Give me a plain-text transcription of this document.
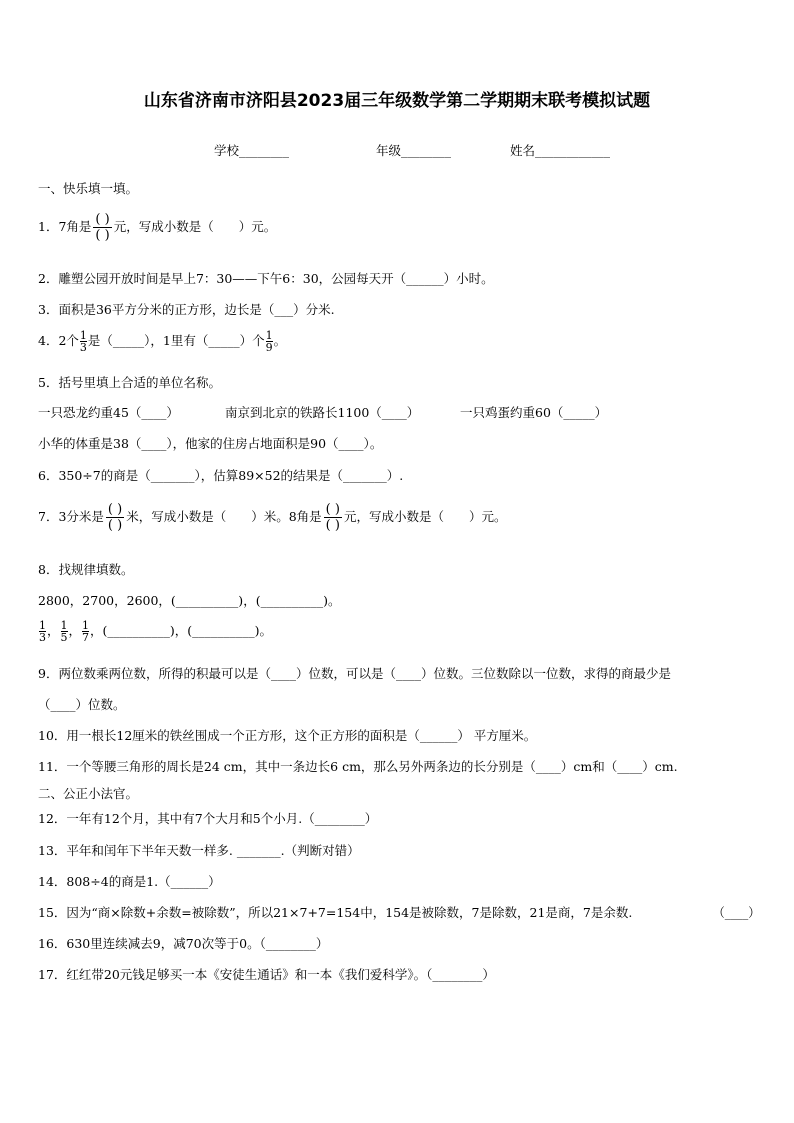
山东省济南市济阳县2023届三年级数学第二学期期末联考模拟试题
学校________	年级________	姓名____________
一、快乐填一填。
1．7角是 ( )
( )
元，写成小数是（　　）元。
2．雕塑公园开放时间是早上7：30——下午6：30，公园每天开（______）小时。
3．面积是36平方分米的正方形，边长是（___）分米.
4．2个 $\frac{1}{3}$ 是（_____），1里有（_____）个 $\frac{1}{9}$ 。
5．括号里填上合适的单位名称。
一只恐龙约重45（____）	南京到北京的铁路长1100（____）	一只鸡蛋约重60（_____）
小华的体重是38（____），他家的住房占地面积是90（____）。
6．350÷7的商是（_______），估算89×52的结果是（_______）.
7．3分米是 ( )
( )
米，写成小数是（　　）米。8角是 ( )
( )
元，写成小数是（　　）元。
8．找规律填数。
2800，2700，2600，(__________)，(__________)。
$\frac{1}{3}$ ， $\frac{1}{5}$ ， $\frac{1}{7}$ ，(__________)，(__________)。
9．两位数乘两位数，所得的积最可以是（____）位数，可以是（____）位数。三位数除以一位数，求得的商最少是
（____）位数。
10．用一根长12厘米的铁丝围成一个正方形，这个正方形的面积是（______） 平方厘米。
11．一个等腰三角形的周长是24 cm，其中一条边长6 cm，那么另外两条边的长分别是（____）cm和（____）cm.
二、公正小法官。
12．一年有12个月，其中有7个大月和5个小月.（________）
13．平年和闰年下半年天数一样多. _______.（判断对错）
14．808÷4的商是1.（______）
15．因为“商×除数+余数=被除数”，所以21×7+7=154中，154是被除数，7是除数，21是商，7是余数.	（____）
16．630里连续减去9，减70次等于0。（________）
17．红红带20元钱足够买一本《安徒生通话》和一本《我们爱科学》。（________）
